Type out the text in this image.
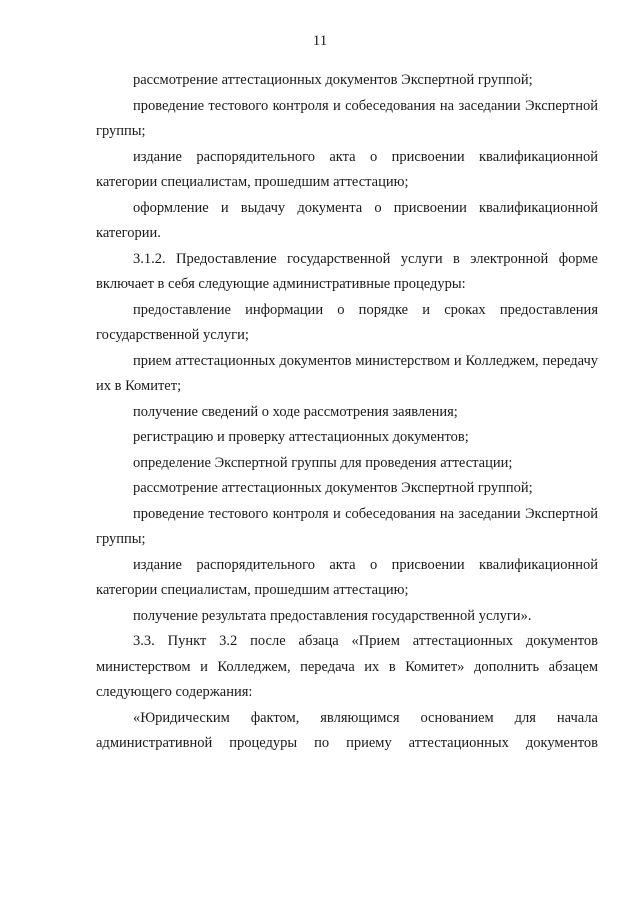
11

рассмотрение аттестационных документов Экспертной группой;

проведение тестового контроля и собеседования на заседании Экспертной группы;

издание распорядительного акта о присвоении квалификационной категории специалистам, прошедшим аттестацию;

оформление и выдачу документа о присвоении квалификационной категории.

3.1.2. Предоставление государственной услуги в электронной форме включает в себя следующие административные процедуры:

предоставление информации о порядке и сроках предоставления государственной услуги;

прием аттестационных документов министерством и Колледжем, передачу их в Комитет;

получение сведений о ходе рассмотрения заявления;

регистрацию и проверку аттестационных документов;

определение Экспертной группы для проведения аттестации;

рассмотрение аттестационных документов Экспертной группой;

проведение тестового контроля и собеседования на заседании Экспертной группы;

издание распорядительного акта о присвоении квалификационной категории специалистам, прошедшим аттестацию;

получение результата предоставления государственной услуги».

3.3. Пункт 3.2 после абзаца «Прием аттестационных документов министерством и Колледжем, передача их в Комитет» дополнить абзацем следующего содержания:

«Юридическим фактом, являющимся основанием для начала административной процедуры по приему аттестационных документов
